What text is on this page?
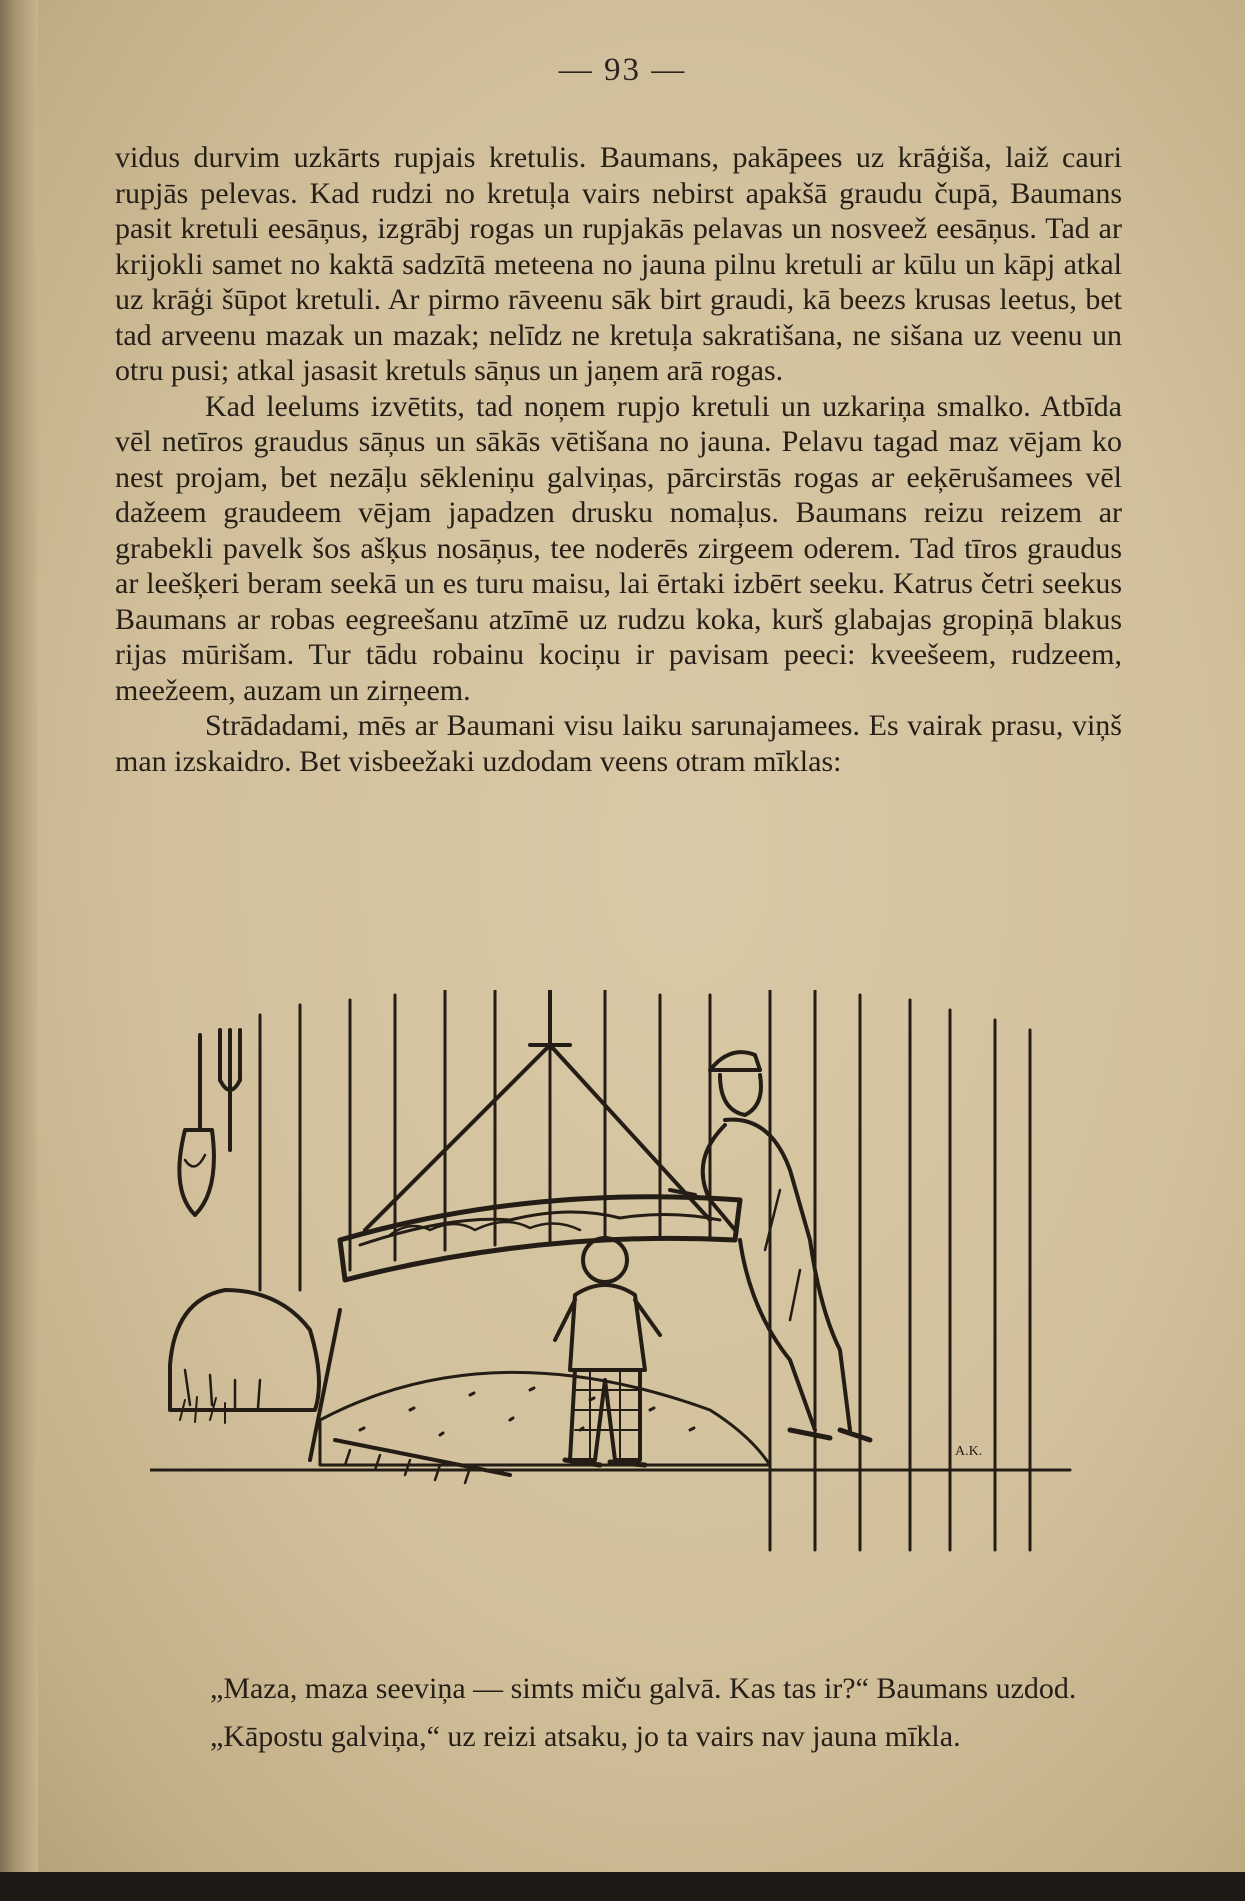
— 93 —

vidus durvim uzkārts rupjais kretulis. Baumans, pakāpees uz krāģiša, laiž cauri rupjās pelevas. Kad rudzi no kretuļa vairs nebirst apakšā graudu čupā, Baumans pasit kretuli eesāņus, izgrābj rogas un rupjakās pelavas un nosveež eesāņus. Tad ar krijokli samet no kaktā sadzītā meteena no jauna pilnu kretuli ar kūlu un kāpj atkal uz krāģi šūpot kretuli. Ar pirmo rāveenu sāk birt graudi, kā beezs krusas leetus, bet tad arveenu mazak un mazak; nelīdz ne kretuļa sakratišana, ne sišana uz veenu un otru pusi; atkal jasasit kretuls sāņus un jaņem arā rogas.

Kad leelums izvētits, tad noņem rupjo kretuli un uzkariņa smalko. Atbīda vēl netīros graudus sāņus un sākās vētišana no jauna. Pelavu tagad maz vējam ko nest projam, bet nezāļu sēkleniņu galviņas, pārcirstās rogas ar eeķērušamees vēl dažeem graudeem vējam japadzen drusku nomaļus. Baumans reizu reizem ar grabekli pavelk šos ašķus nosāņus, tee noderēs zirgeem oderem. Tad tīros graudus ar leešķeri beram seekā un es turu maisu, lai ērtaki izbērt seeku. Katrus četri seekus Baumans ar robas eegreešanu atzīmē uz rudzu koka, kurš glabajas gropiņā blakus rijas mūrišam. Tur tādu robainu kociņu ir pavisam peeci: kveešeem, rudzeem, meežeem, auzam un zirņeem.

Strādadami, mēs ar Baumani visu laiku sarunajamees. Es vairak prasu, viņš man izskaidro. Bet visbeežaki uzdodam veens otram mīklas:

A.K.

„Maza, maza seeviņa — simts miču galvā. Kas tas ir?“ Baumans uzdod.

„Kāpostu galviņa,“ uz reizi atsaku, jo ta vairs nav jauna mīkla.
